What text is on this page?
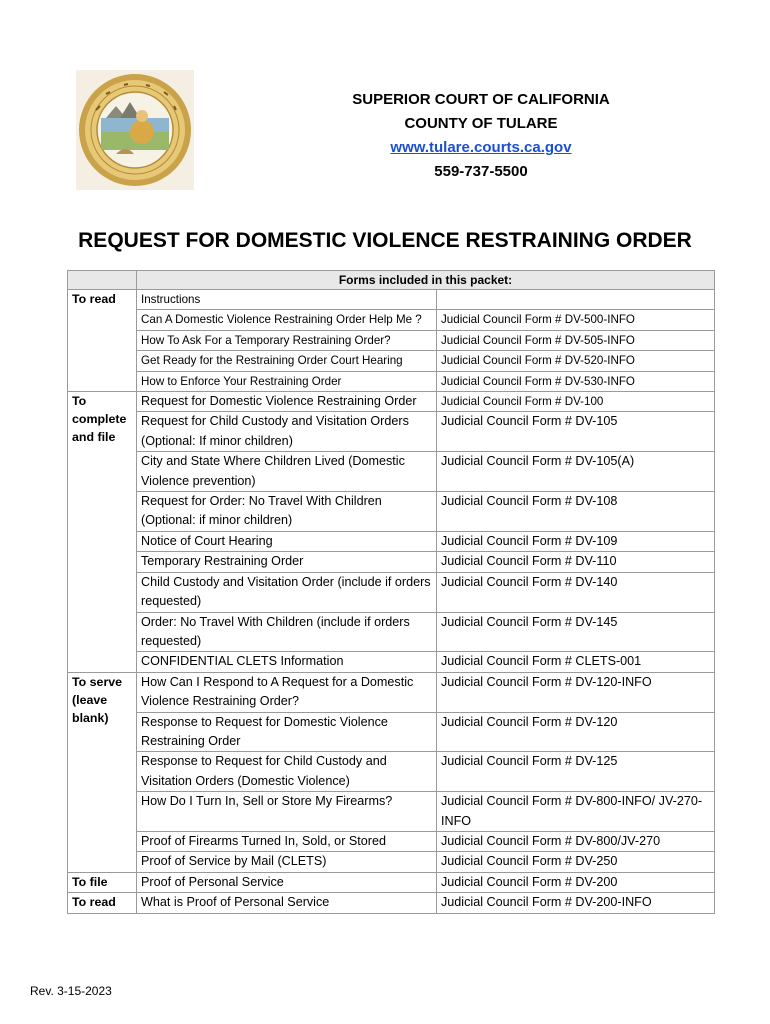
SUPERIOR COURT OF CALIFORNIA
COUNTY OF TULARE
www.tulare.courts.ca.gov
559-737-5500
REQUEST FOR DOMESTIC VIOLENCE RESTRAINING ORDER
	Forms included in this packet:	
To read	Instructions	
	Can A Domestic Violence Restraining Order Help Me ?	Judicial Council Form # DV-500-INFO
	How To Ask For a Temporary Restraining Order?	Judicial Council Form # DV-505-INFO
	Get Ready for the Restraining Order Court Hearing	Judicial Council Form # DV-520-INFO
	How to Enforce Your Restraining Order	Judicial Council Form # DV-530-INFO
To complete and file	Request for Domestic Violence Restraining Order	Judicial Council Form # DV-100
	Request for Child Custody and Visitation Orders (Optional: If minor children)	Judicial Council Form # DV-105
	City and State Where Children Lived (Domestic Violence prevention)	Judicial Council Form # DV-105(A)
	Request for Order: No Travel With Children (Optional: if minor children)	Judicial Council Form # DV-108
	Notice of Court Hearing	Judicial Council Form # DV-109
	Temporary Restraining Order	Judicial Council Form # DV-110
	Child Custody and Visitation Order (include if orders requested)	Judicial Council Form # DV-140
	Order: No Travel With Children (include if orders requested)	Judicial Council Form # DV-145
	CONFIDENTIAL CLETS Information	Judicial Council Form # CLETS-001
To serve (leave blank)	How Can I Respond to A Request for a Domestic Violence Restraining Order?	Judicial Council Form # DV-120-INFO
	Response to Request for Domestic Violence Restraining Order	Judicial Council Form # DV-120
	Response to Request for Child Custody and Visitation Orders (Domestic Violence)	Judicial Council Form # DV-125
	How Do I Turn In, Sell or Store My Firearms?	Judicial Council Form # DV-800-INFO/ JV-270-INFO
	Proof of Firearms Turned In, Sold, or Stored	Judicial Council Form # DV-800/JV-270
	Proof of Service by Mail (CLETS)	Judicial Council Form # DV-250
To file	Proof of Personal Service	Judicial Council Form # DV-200
To read	What is Proof of Personal Service	Judicial Council Form # DV-200-INFO
Rev. 3-15-2023
